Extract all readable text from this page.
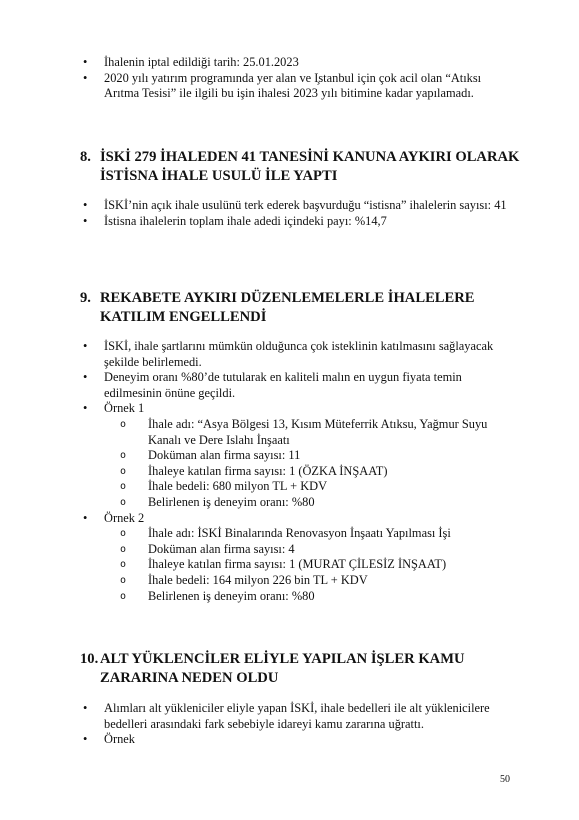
• İhalenin iptal edildiği tarih: 25.01.2023
• 2020 yılı yatırım programında yer alan ve I̧stanbul için çok acil olan “Atıksı Arıtma Tesisi” ile ilgili bu işin ihalesi 2023 yılı bitimine kadar yapılamadı.
8. İSKİ 279 İHALEDEN 41 TANESİNİ KANUNA AYKIRI OLARAK
İSTİSNA İHALE USULÜ İLE YAPTI
• İSKİ’nin açık ihale usulünü terk ederek başvurduğu “istisna” ihalelerin sayısı: 41
• İstisna ihalelerin toplam ihale adedi içindeki payı: %14,7
9. REKABETE AYKIRI DÜZENLEMELERLE İHALELERE
KATILIM ENGELLENDİ
• İSKİ, ihale şartlarını mümkün olduğunca çok isteklinin katılmasını sağlayacak şekilde belirlemedi.
• Deneyim oranı %80’de tutularak en kaliteli malın en uygun fiyata temin edilmesinin önüne geçildi.
• Örnek 1
o İhale adı: “Asya Bölgesi 13, Kısım Müteferrik Atıksu, Yağmur Suyu Kanalı ve Dere Islahı İnşaatı
o Doküman alan firma sayısı: 11
o İhaleye katılan firma sayısı: 1 (ÖZKA İNŞAAT)
o İhale bedeli: 680 milyon TL + KDV
o Belirlenen iş deneyim oranı: %80
• Örnek 2
o İhale adı: İSKİ Binalarında Renovasyon İnşaatı Yapılması İşi
o Doküman alan firma sayısı: 4
o İhaleye katılan firma sayısı: 1 (MURAT ÇİLESİZ İNŞAAT)
o İhale bedeli: 164 milyon 226 bin TL + KDV
o Belirlenen iş deneyim oranı: %80
10. ALT YÜKLENCİLER ELİYLE YAPILAN İŞLER KAMU
ZARARINA NEDEN OLDU
• Alımları alt yükleniciler eliyle yapan İSKİ, ihale bedelleri ile alt yüklenicilere bedelleri arasındaki fark sebebiyle idareyi kamu zararına uğrattı.
• Örnek
50
